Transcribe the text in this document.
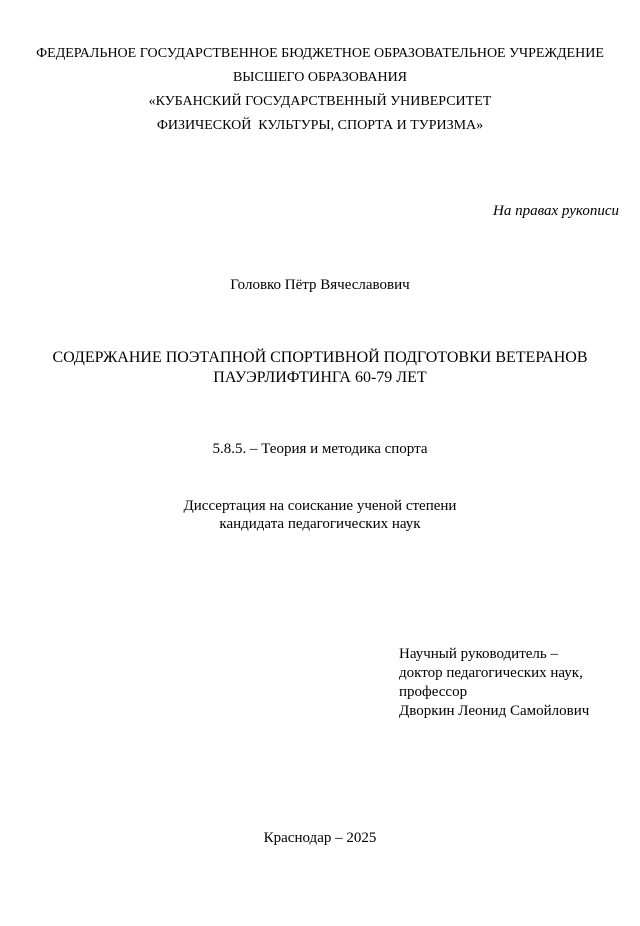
ФЕДЕРАЛЬНОЕ ГОСУДАРСТВЕННОЕ БЮДЖЕТНОЕ ОБРАЗОВАТЕЛЬНОЕ УЧРЕЖДЕНИЕ
ВЫСШЕГО ОБРАЗОВАНИЯ
«КУБАНСКИЙ ГОСУДАРСТВЕННЫЙ УНИВЕРСИТЕТ
ФИЗИЧЕСКОЙ  КУЛЬТУРЫ, СПОРТА И ТУРИЗМА»
На правах рукописи
Головко Пётр Вячеславович
СОДЕРЖАНИЕ ПОЭТАПНОЙ СПОРТИВНОЙ ПОДГОТОВКИ ВЕТЕРАНОВ
ПАУЭРЛИФТИНГА 60-79 ЛЕТ
5.8.5. – Теория и методика спорта
Диссертация на соискание ученой степени
кандидата педагогических наук
Научный руководитель –
доктор педагогических наук,
профессор
Дворкин Леонид Самойлович
Краснодар – 2025
